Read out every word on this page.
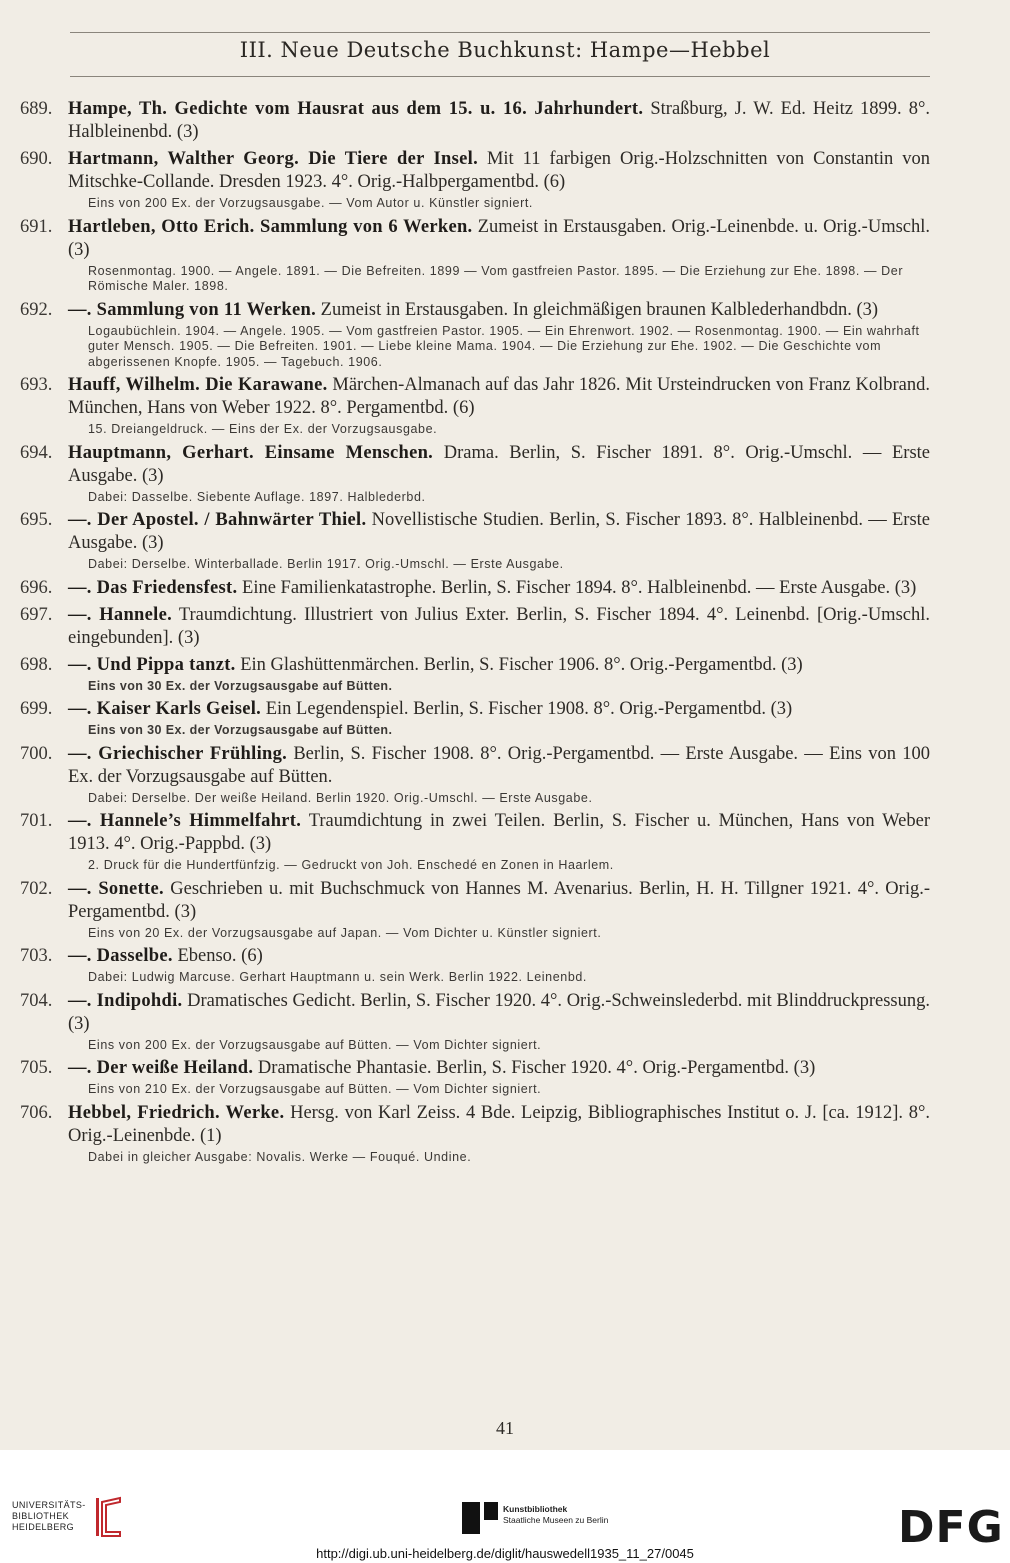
III. Neue Deutsche Buchkunst: Hampe—Hebbel
689. Hampe, Th. Gedichte vom Hausrat aus dem 15. u. 16. Jahrhundert. Straßburg, J. W. Ed. Heitz 1899. 8°. Halbleinenbd. (3)
690. Hartmann, Walther Georg. Die Tiere der Insel. Mit 11 farbigen Orig.-Holzschnitten von Constantin von Mitschke-Collande. Dresden 1923. 4°. Orig.-Halbpergamentbd. (6)
Eins von 200 Ex. der Vorzugsausgabe. — Vom Autor u. Künstler signiert.
691. Hartleben, Otto Erich. Sammlung von 6 Werken. Zumeist in Erstausgaben. Orig.-Leinenbde. u. Orig.-Umschl. (3)
Rosenmontag. 1900. — Angele. 1891. — Die Befreiten. 1899 — Vom gastfreien Pastor. 1895. — Die Erziehung zur Ehe. 1898. — Der Römische Maler. 1898.
692. —. Sammlung von 11 Werken. Zumeist in Erstausgaben. In gleichmäßigen braunen Kalblederhandbdn. (3)
Logaubüchlein. 1904. — Angele. 1905. — Vom gastfreien Pastor. 1905. — Ein Ehrenwort. 1902. — Rosenmontag. 1900. — Ein wahrhaft guter Mensch. 1905. — Die Befreiten. 1901. — Liebe kleine Mama. 1904. — Die Erziehung zur Ehe. 1902. — Die Geschichte vom abgerissenen Knopfe. 1905. — Tagebuch. 1906.
693. Hauff, Wilhelm. Die Karawane. Märchen-Almanach auf das Jahr 1826. Mit Ursteindrucken von Franz Kolbrand. München, Hans von Weber 1922. 8°. Pergamentbd. (6)
15. Dreiangeldruck. — Eins der Ex. der Vorzugsausgabe.
694. Hauptmann, Gerhart. Einsame Menschen. Drama. Berlin, S. Fischer 1891. 8°. Orig.-Umschl. — Erste Ausgabe. (3)
Dabei: Dasselbe. Siebente Auflage. 1897. Halblederbd.
695. —. Der Apostel. / Bahnwärter Thiel. Novellistische Studien. Berlin, S. Fischer 1893. 8°. Halbleinenbd. — Erste Ausgabe. (3)
Dabei: Derselbe. Winterballade. Berlin 1917. Orig.-Umschl. — Erste Ausgabe.
696. —. Das Friedensfest. Eine Familienkatastrophe. Berlin, S. Fischer 1894. 8°. Halbleinenbd. — Erste Ausgabe. (3)
697. —. Hannele. Traumdichtung. Illustriert von Julius Exter. Berlin, S. Fischer 1894. 4°. Leinenbd. [Orig.-Umschl. eingebunden]. (3)
698. —. Und Pippa tanzt. Ein Glashüttenmärchen. Berlin, S. Fischer 1906. 8°. Orig.-Pergamentbd. (3)
Eins von 30 Ex. der Vorzugsausgabe auf Bütten.
699. —. Kaiser Karls Geisel. Ein Legendenspiel. Berlin, S. Fischer 1908. 8°. Orig.-Pergamentbd. (3)
Eins von 30 Ex. der Vorzugsausgabe auf Bütten.
700. —. Griechischer Frühling. Berlin, S. Fischer 1908. 8°. Orig.-Pergamentbd. — Erste Ausgabe. — Eins von 100 Ex. der Vorzugsausgabe auf Bütten.
Dabei: Derselbe. Der weiße Heiland. Berlin 1920. Orig.-Umschl. — Erste Ausgabe.
701. —. Hannele’s Himmelfahrt. Traumdichtung in zwei Teilen. Berlin, S. Fischer u. München, Hans von Weber 1913. 4°. Orig.-Pappbd. (3)
2. Druck für die Hundertfünfzig. — Gedruckt von Joh. Enschedé en Zonen in Haarlem.
702. —. Sonette. Geschrieben u. mit Buchschmuck von Hannes M. Avenarius. Berlin, H. H. Tillgner 1921. 4°. Orig.-Pergamentbd. (3)
Eins von 20 Ex. der Vorzugsausgabe auf Japan. — Vom Dichter u. Künstler signiert.
703. —. Dasselbe. Ebenso. (6)
Dabei: Ludwig Marcuse. Gerhart Hauptmann u. sein Werk. Berlin 1922. Leinenbd.
704. —. Indipohdi. Dramatisches Gedicht. Berlin, S. Fischer 1920. 4°. Orig.-Schweinslederbd. mit Blinddruckpressung. (3)
Eins von 200 Ex. der Vorzugsausgabe auf Bütten. — Vom Dichter signiert.
705. —. Der weiße Heiland. Dramatische Phantasie. Berlin, S. Fischer 1920. 4°. Orig.-Pergamentbd. (3)
Eins von 210 Ex. der Vorzugsausgabe auf Bütten. — Vom Dichter signiert.
706. Hebbel, Friedrich. Werke. Hersg. von Karl Zeiss. 4 Bde. Leipzig, Bibliographisches Institut o. J. [ca. 1912]. 8°. Orig.-Leinenbde. (1)
Dabei in gleicher Ausgabe: Novalis. Werke — Fouqué. Undine.
41
UNIVERSITÄTS-
BIBLIOTHEK
HEIDELBERG
Kunstbibliothek
Staatliche Museen zu Berlin	DFG
http://digi.ub.uni-heidelberg.de/diglit/hauswedell1935_11_27/0045
